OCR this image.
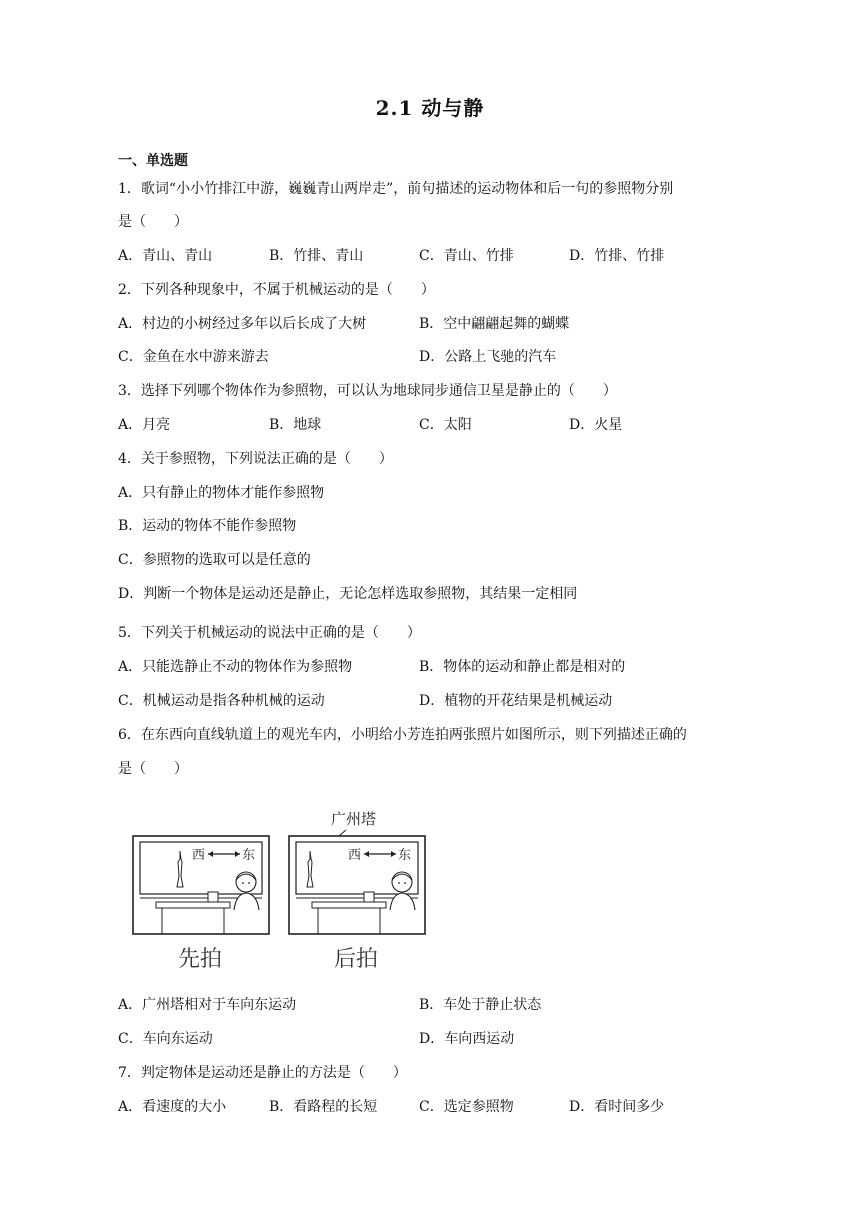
2.1 动与静
一、单选题
1．歌词“小小竹排江中游，巍巍青山两岸走”，前句描述的运动物体和后一句的参照物分别
是（　　）
A．青山、青山	B．竹排、青山	C．青山、竹排	D．竹排、竹排
2．下列各种现象中，不属于机械运动的是（　　）
A．村边的小树经过多年以后长成了大树	B．空中翩翩起舞的蝴蝶
C．金鱼在水中游来游去	D．公路上飞驰的汽车
3．选择下列哪个物体作为参照物，可以认为地球同步通信卫星是静止的（　　）
A．月亮	B．地球	C．太阳	D．火星
4．关于参照物，下列说法正确的是（　　）
A．只有静止的物体才能作参照物
B．运动的物体不能作参照物
C．参照物的选取可以是任意的
D．判断一个物体是运动还是静止，无论怎样选取参照物，其结果一定相同
5．下列关于机械运动的说法中正确的是（　　）
A．只能选静止不动的物体作为参照物	B．物体的运动和静止都是相对的
C．机械运动是指各种机械的运动	D．植物的开花结果是机械运动
6．在东西向直线轨道上的观光车内，小明给小芳连拍两张照片如图所示，则下列描述正确的
是（　　）
广州塔
西	东	西	东
先拍	后拍
A．广州塔相对于车向东运动	B．车处于静止状态
C．车向东运动	D．车向西运动
7．判定物体是运动还是静止的方法是（　　）
A．看速度的大小	B．看路程的长短	C．选定参照物	D．看时间多少
